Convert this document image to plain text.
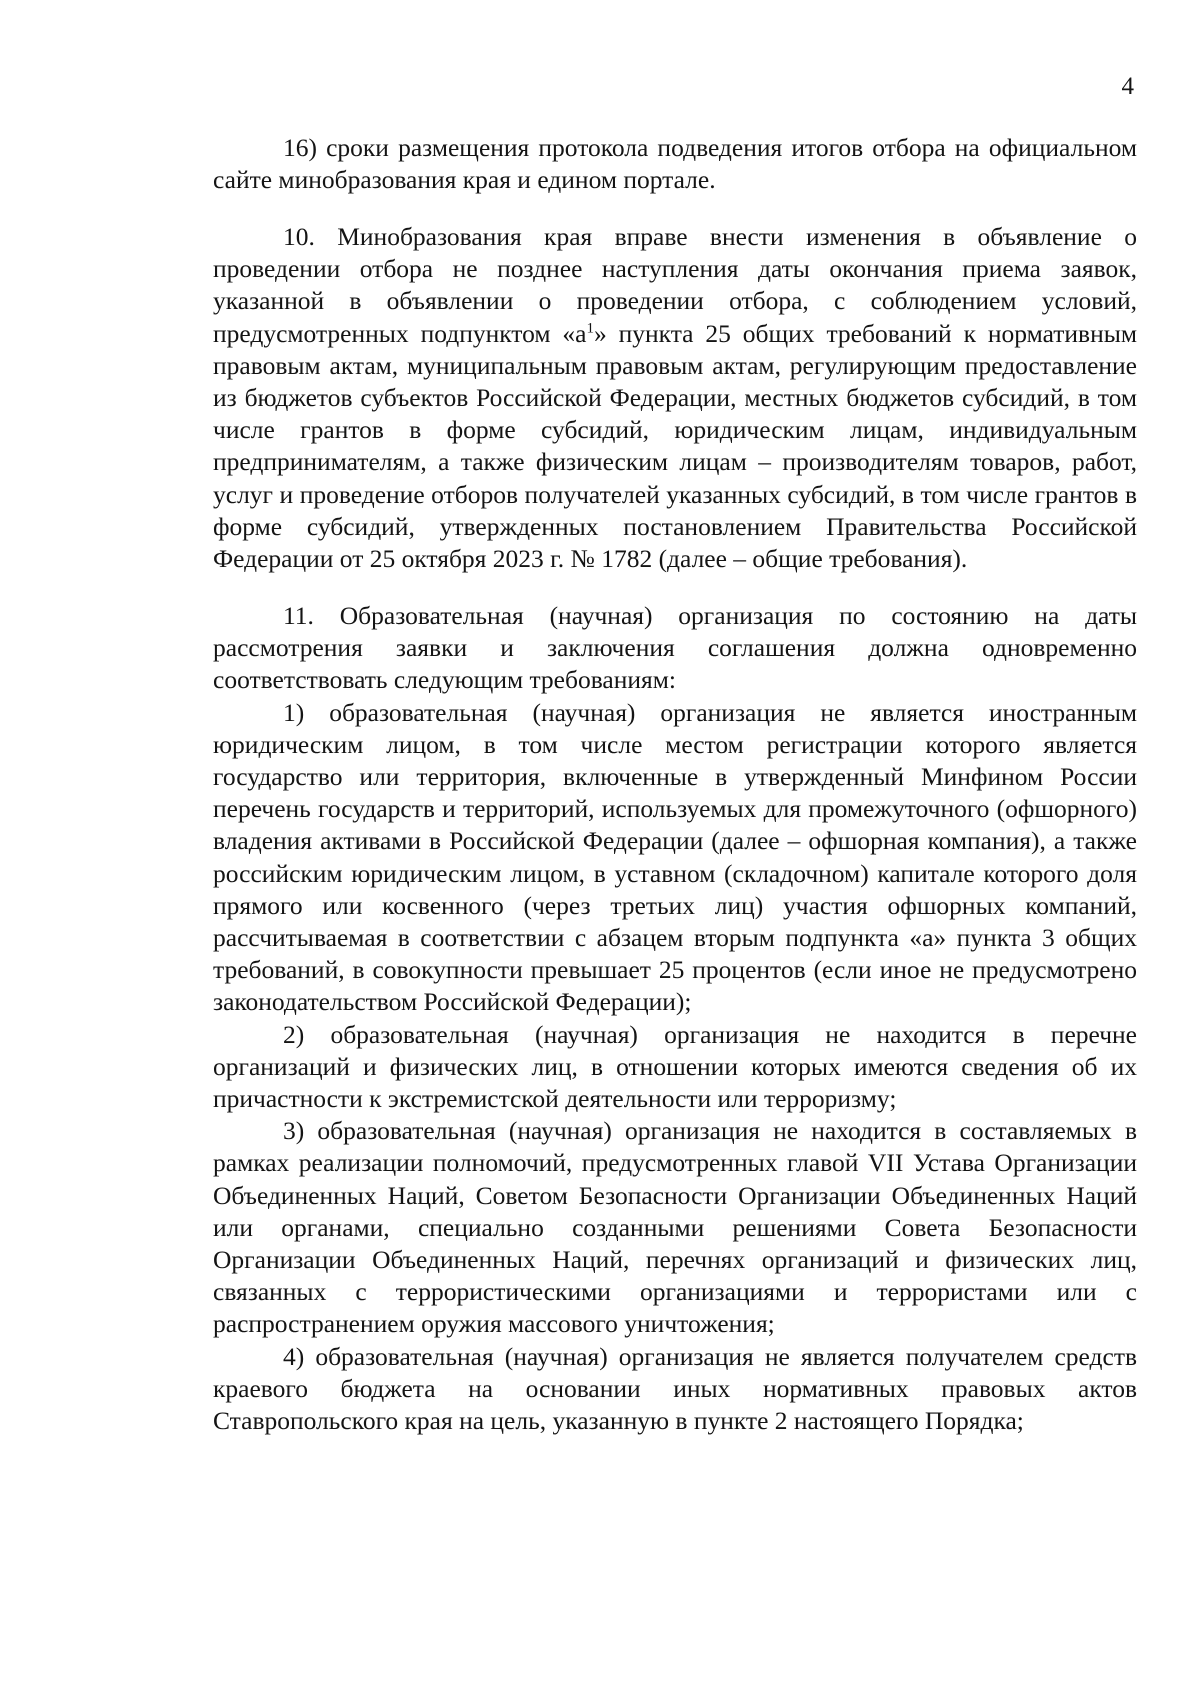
4

16) сроки размещения протокола подведения итогов отбора на официальном сайте минобразования края и едином портале.

10. Минобразования края вправе внести изменения в объявление о проведении отбора не позднее наступления даты окончания приема заявок, указанной в объявлении о проведении отбора, с соблюдением условий, предусмотренных подпунктом «$а^1$» пункта 25 общих требований к нормативным правовым актам, муниципальным правовым актам, регулирующим предоставление из бюджетов субъектов Российской Федерации, местных бюджетов субсидий, в том числе грантов в форме субсидий, юридическим лицам, индивидуальным предпринимателям, а также физическим лицам – производителям товаров, работ, услуг и проведение отборов получателей указанных субсидий, в том числе грантов в форме субсидий, утвержденных постановлением Правительства Российской Федерации от 25 октября 2023 г. № 1782 (далее – общие требования).

11. Образовательная (научная) организация по состоянию на даты рассмотрения заявки и заключения соглашения должна одновременно соответствовать следующим требованиям:

1) образовательная (научная) организация не является иностранным юридическим лицом, в том числе местом регистрации которого является государство или территория, включенные в утвержденный Минфином России перечень государств и территорий, используемых для промежуточного (офшорного) владения активами в Российской Федерации (далее – офшорная компания), а также российским юридическим лицом, в уставном (складочном) капитале которого доля прямого или косвенного (через третьих лиц) участия офшорных компаний, рассчитываемая в соответствии с абзацем вторым подпункта «а» пункта 3 общих требований, в совокупности превышает 25 процентов (если иное не предусмотрено законодательством Российской Федерации);

2) образовательная (научная) организация не находится в перечне организаций и физических лиц, в отношении которых имеются сведения об их причастности к экстремистской деятельности или терроризму;

3) образовательная (научная) организация не находится в составляемых в рамках реализации полномочий, предусмотренных главой VII Устава Организации Объединенных Наций, Советом Безопасности Организации Объединенных Наций или органами, специально созданными решениями Совета Безопасности Организации Объединенных Наций, перечнях организаций и физических лиц, связанных с террористическими организациями и террористами или с распространением оружия массового уничтожения;

4) образовательная (научная) организация не является получателем средств краевого бюджета на основании иных нормативных правовых актов Ставропольского края на цель, указанную в пункте 2 настоящего Порядка;
